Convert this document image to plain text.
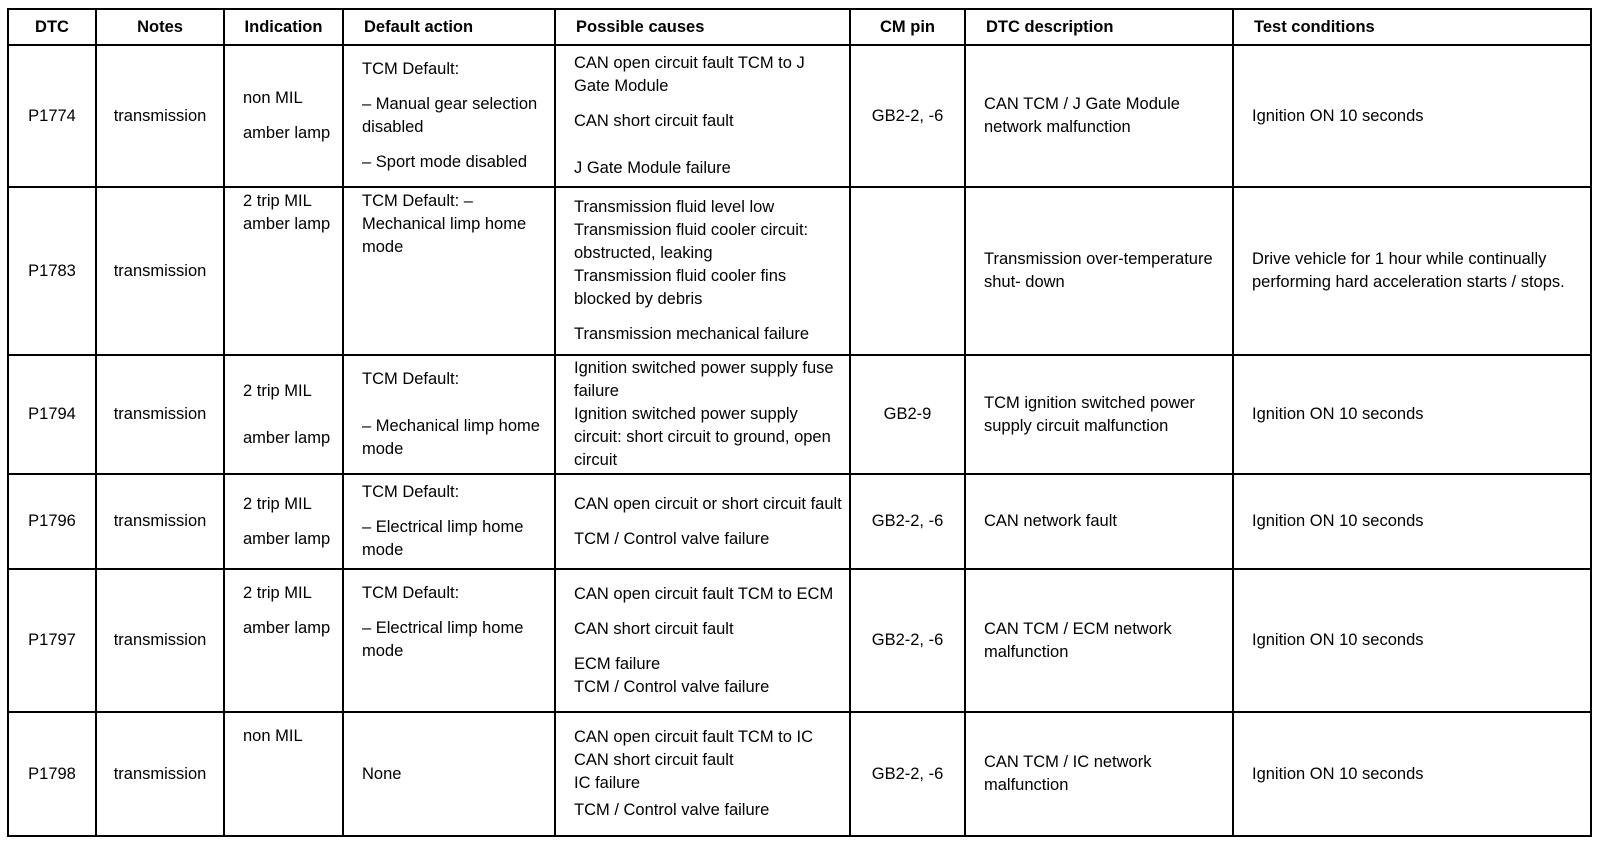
DTC	Notes	Indication	Default action	Possible causes	CM pin	DTC description	Test conditions
P1774	transmission	non MIL
amber lamp	TCM Default:
– Manual gear selection disabled
– Sport mode disabled	CAN open circuit fault TCM to J Gate Module
CAN short circuit fault
J Gate Module failure	GB2-2, -6	CAN TCM / J Gate Module network malfunction	Ignition ON 10 seconds
P1783	transmission	2 trip MIL amber lamp	TCM Default: – Mechanical limp home mode	Transmission fluid level low
Transmission fluid cooler circuit: obstructed, leaking
Transmission fluid cooler fins blocked by debris
Transmission mechanical failure		Transmission over-temperature shut- down	Drive vehicle for 1 hour while continually performing hard acceleration starts / stops.
P1794	transmission	2 trip MIL
amber lamp	TCM Default:
– Mechanical limp home mode	Ignition switched power supply fuse failure
Ignition switched power supply circuit: short circuit to ground, open circuit	GB2-9	TCM ignition switched power supply circuit malfunction	Ignition ON 10 seconds
P1796	transmission	2 trip MIL
amber lamp	TCM Default:
– Electrical limp home mode	CAN open circuit or short circuit fault
TCM / Control valve failure	GB2-2, -6	CAN network fault	Ignition ON 10 seconds
P1797	transmission	2 trip MIL
amber lamp	TCM Default:
– Electrical limp home mode	CAN open circuit fault TCM to ECM
CAN short circuit fault
ECM failure
TCM / Control valve failure	GB2-2, -6	CAN TCM / ECM network malfunction	Ignition ON 10 seconds
P1798	transmission	non MIL	None	CAN open circuit fault TCM to IC
CAN short circuit fault
IC failure
TCM / Control valve failure	GB2-2, -6	CAN TCM / IC network malfunction	Ignition ON 10 seconds
